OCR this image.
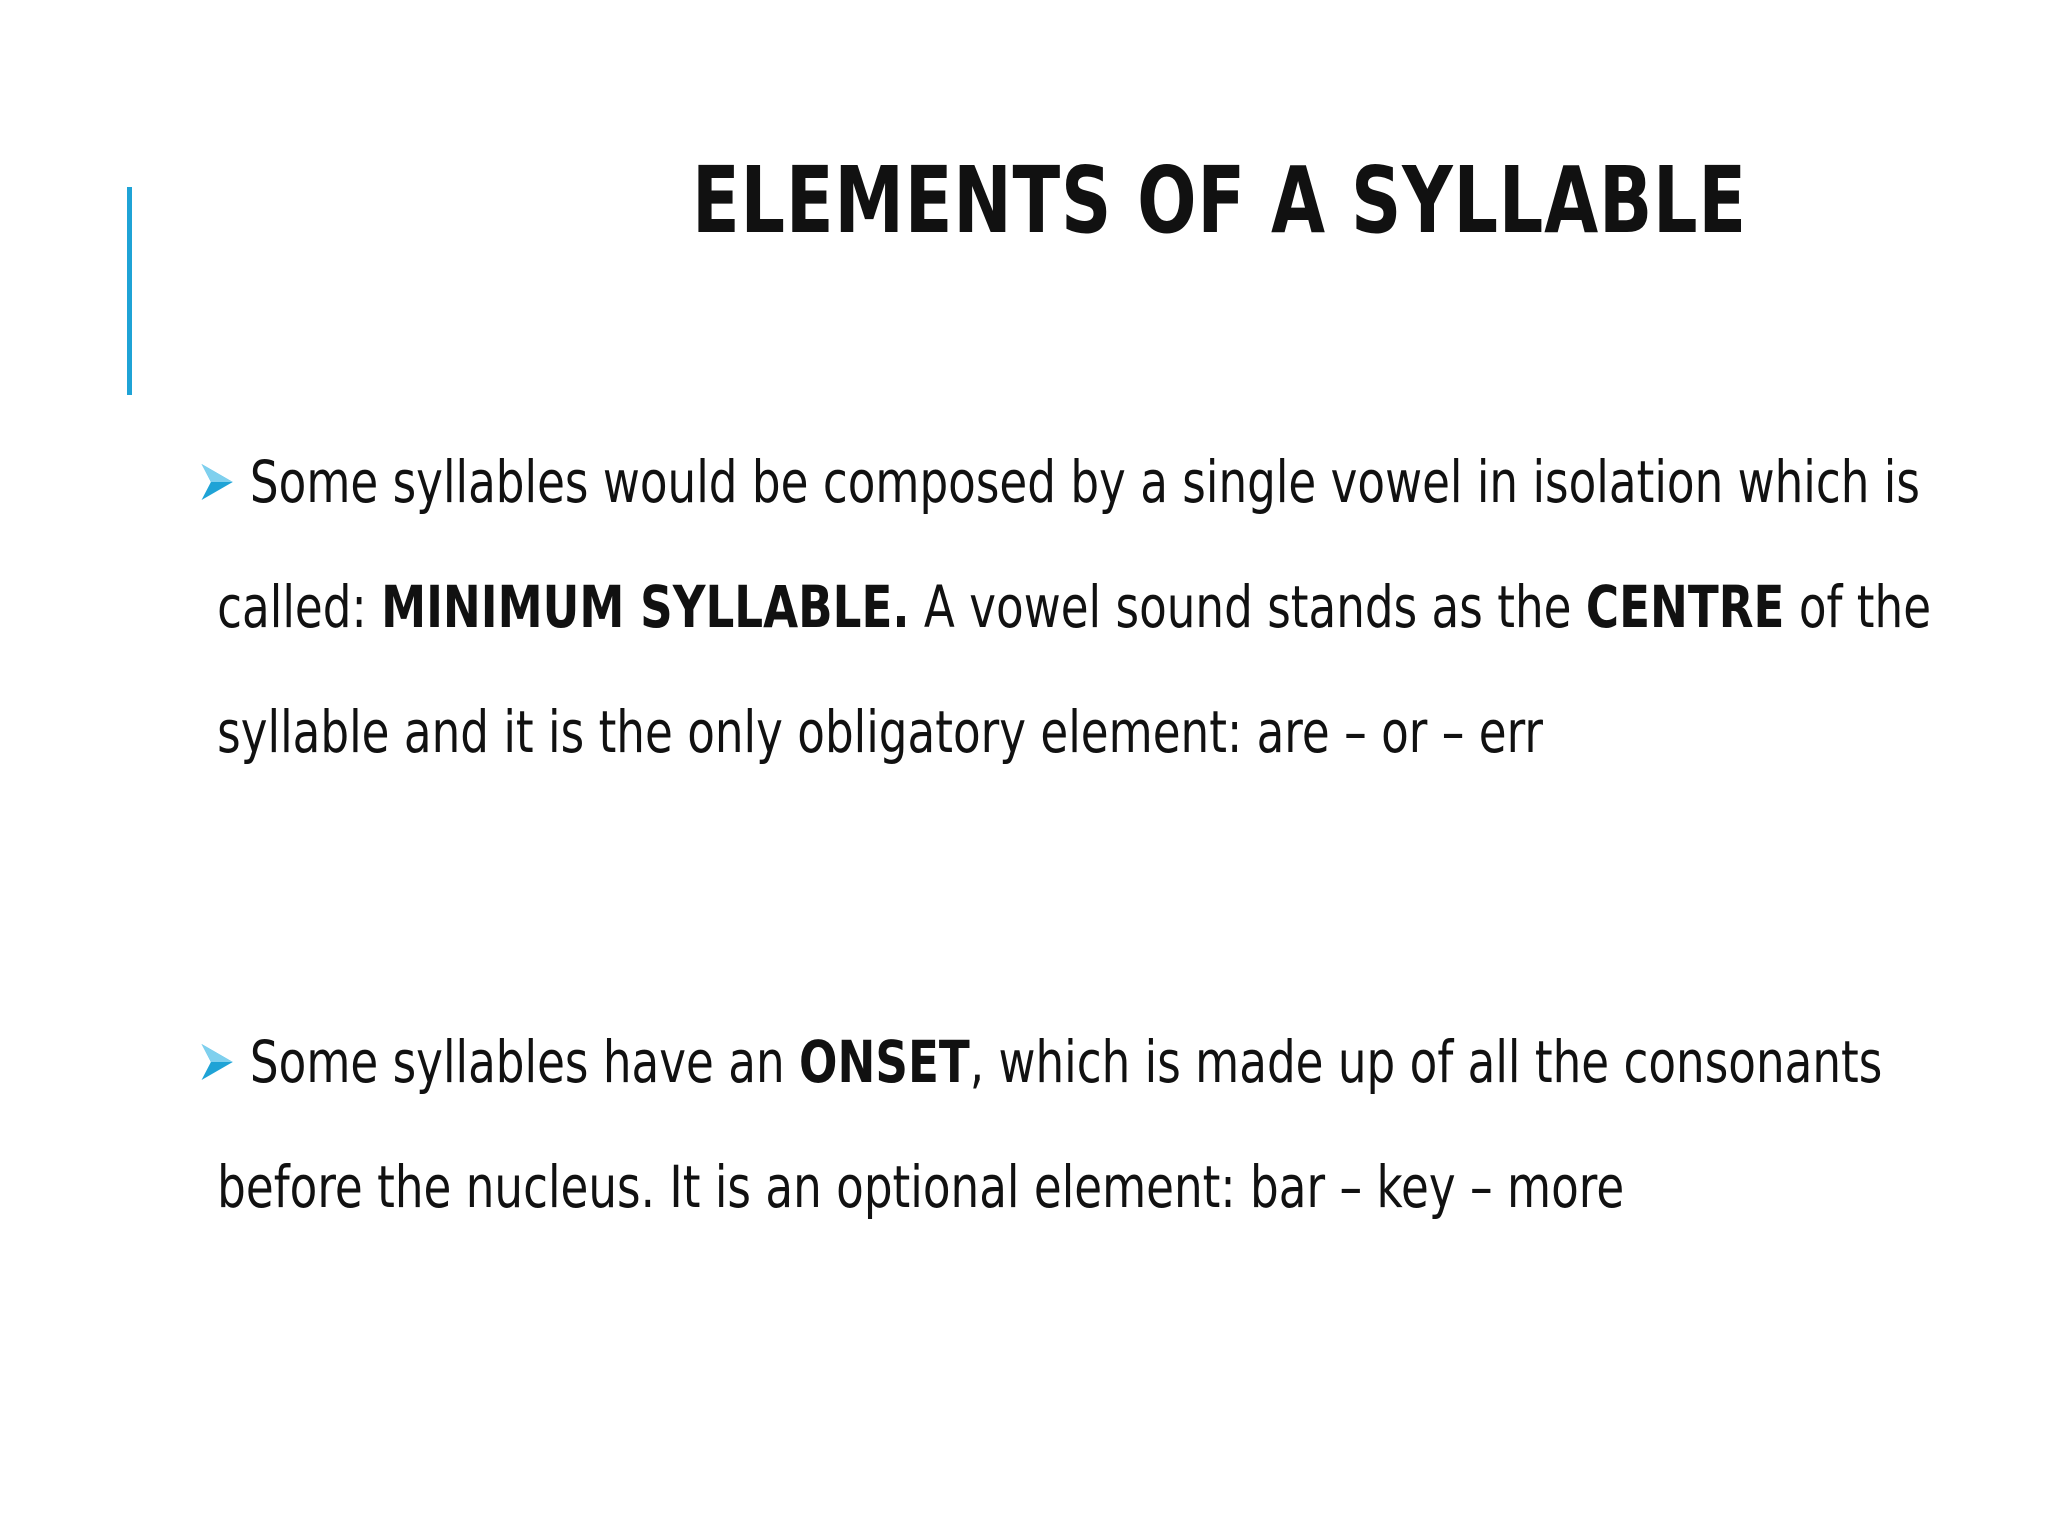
ELEMENTS OF A SYLLABLE
Some syllables would be composed by a single vowel in isolation which is
called: MINIMUM SYLLABLE. A vowel sound stands as the CENTRE of the
syllable and it is the only obligatory element: are – or – err
Some syllables have an ONSET, which is made up of all the consonants
before the nucleus. It is an optional element: bar – key – more
